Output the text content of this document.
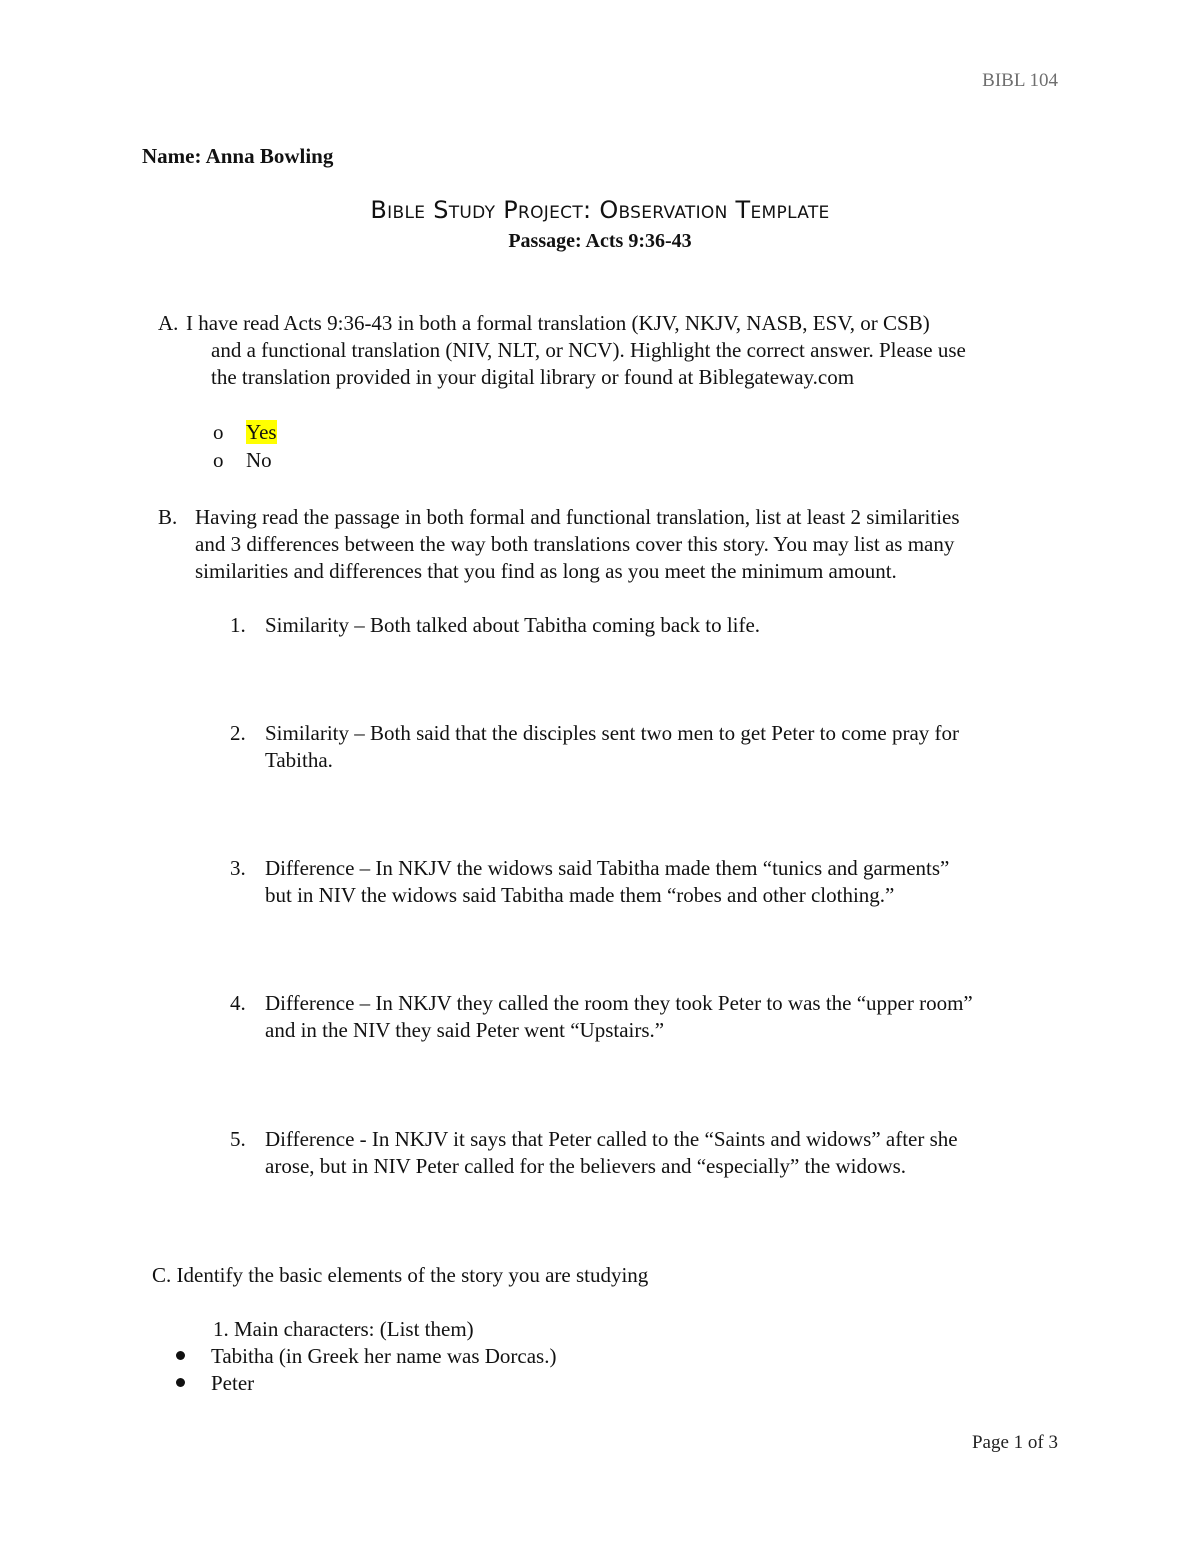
BIBL 104
Name: Anna Bowling
Bible Study Project: Observation Template
Passage: Acts 9:36-43
A. I have read Acts 9:36-43 in both a formal translation (KJV, NKJV, NASB, ESV, or CSB)
and a functional translation (NIV, NLT, or NCV). Highlight the correct answer. Please use
the translation provided in your digital library or found at Biblegateway.com
o Yes
o No
B. Having read the passage in both formal and functional translation, list at least 2 similarities
and 3 differences between the way both translations cover this story. You may list as many
similarities and differences that you find as long as you meet the minimum amount.
1. Similarity – Both talked about Tabitha coming back to life.
2. Similarity – Both said that the disciples sent two men to get Peter to come pray for
Tabitha.
3. Difference – In NKJV the widows said Tabitha made them “tunics and garments”
but in NIV the widows said Tabitha made them “robes and other clothing.”
4. Difference – In NKJV they called the room they took Peter to was the “upper room”
and in the NIV they said Peter went “Upstairs.”
5. Difference - In NKJV it says that Peter called to the “Saints and widows” after she
arose, but in NIV Peter called for the believers and “especially” the widows.
C. Identify the basic elements of the story you are studying
1. Main characters: (List them)
Tabitha (in Greek her name was Dorcas.)
Peter
Page 1 of 3
